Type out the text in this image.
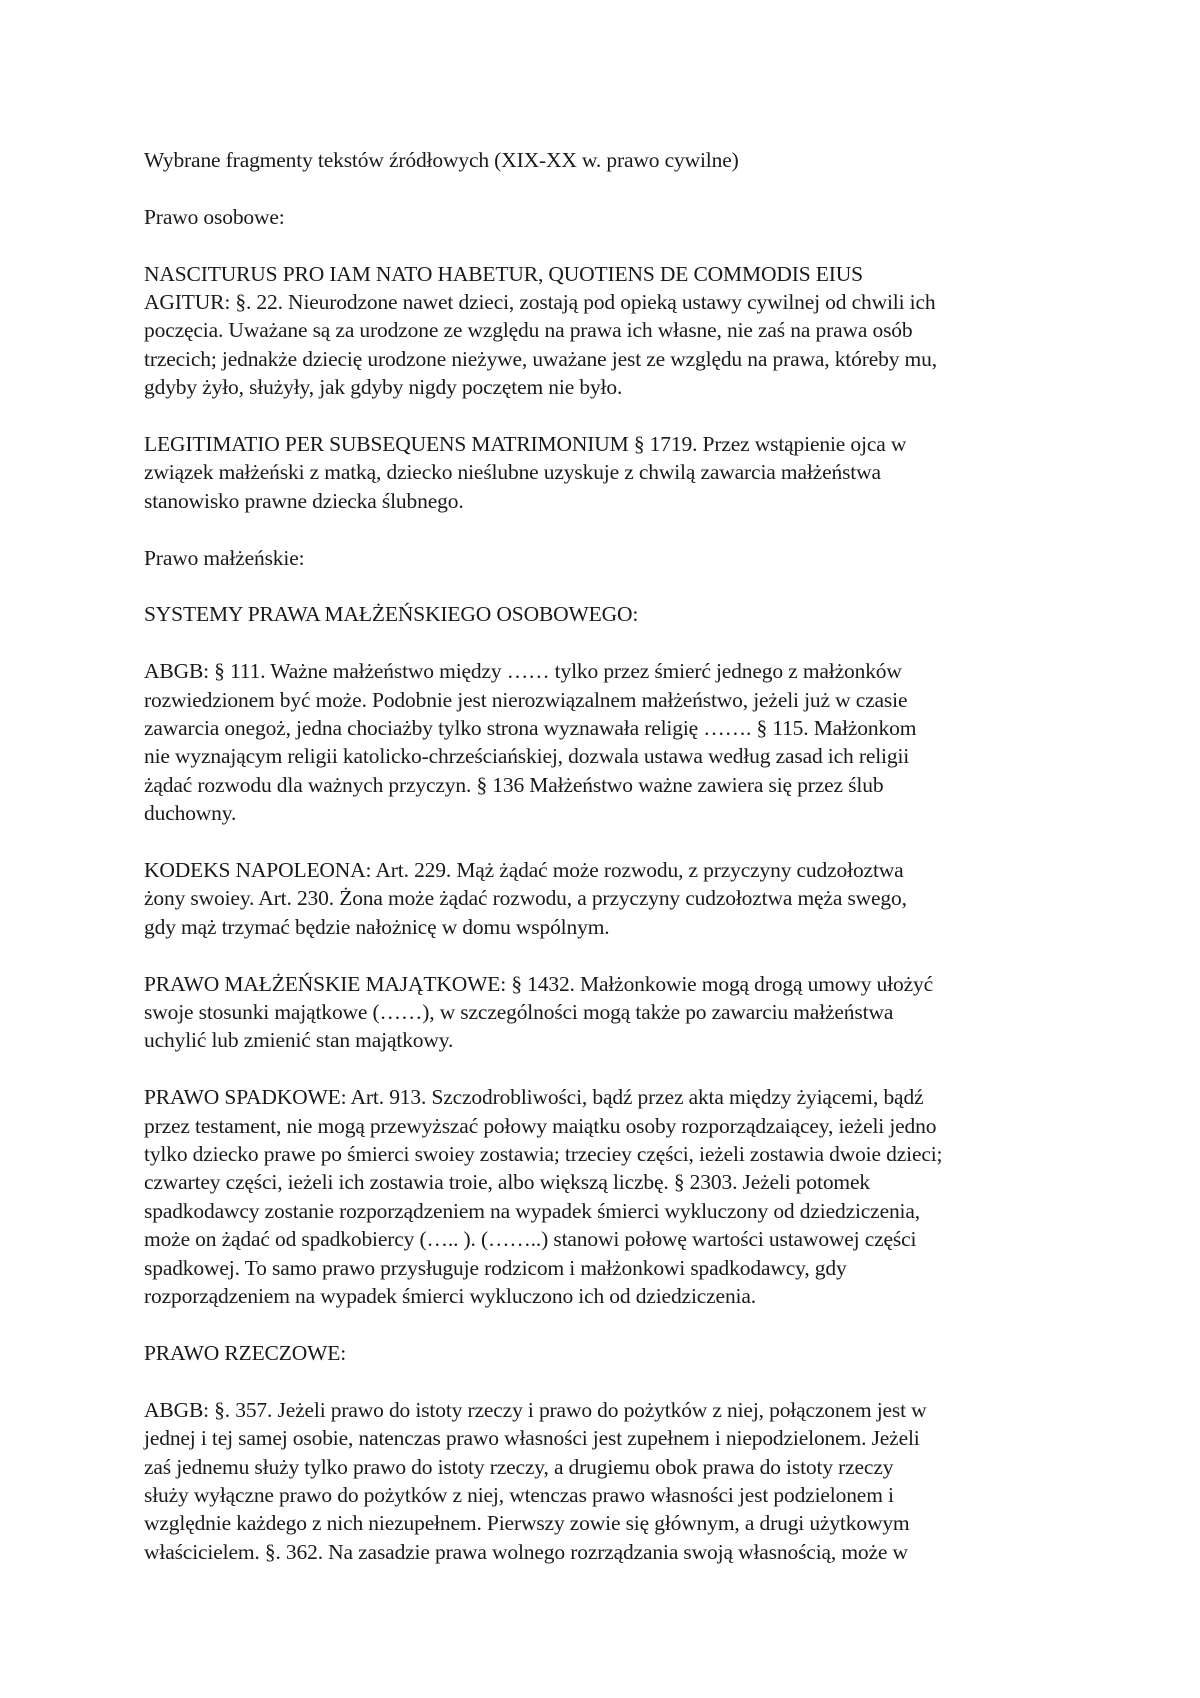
Wybrane fragmenty tekstów źródłowych (XIX-XX w. prawo cywilne)

Prawo osobowe:

NASCITURUS PRO IAM NATO HABETUR, QUOTIENS DE COMMODIS EIUS
AGITUR: §. 22. Nieurodzone nawet dzieci, zostają pod opieką ustawy cywilnej od chwili ich
poczęcia. Uważane są za urodzone ze względu na prawa ich własne, nie zaś na prawa osób
trzecich; jednakże dziecię urodzone nieżywe, uważane jest ze względu na prawa, któreby mu,
gdyby żyło, służyły, jak gdyby nigdy poczętem nie było.

LEGITIMATIO PER SUBSEQUENS MATRIMONIUM § 1719. Przez wstąpienie ojca w
związek małżeński z matką, dziecko nieślubne uzyskuje z chwilą zawarcia małżeństwa
stanowisko prawne dziecka ślubnego.

Prawo małżeńskie:

SYSTEMY PRAWA MAŁŻEŃSKIEGO OSOBOWEGO:

ABGB: § 111. Ważne małżeństwo między …… tylko przez śmierć jednego z małżonków
rozwiedzionem być może. Podobnie jest nierozwiązalnem małżeństwo, jeżeli już w czasie
zawarcia onegoż, jedna chociażby tylko strona wyznawała religię ……. § 115. Małżonkom
nie wyznającym religii katolicko-chrześciańskiej, dozwala ustawa według zasad ich religii
żądać rozwodu dla ważnych przyczyn. § 136 Małżeństwo ważne zawiera się przez ślub
duchowny.

KODEKS NAPOLEONA: Art. 229. Mąż żądać może rozwodu, z przyczyny cudzołoztwa
żony swoiey. Art. 230. Żona może żądać rozwodu, a przyczyny cudzołoztwa męża swego,
gdy mąż trzymać będzie nałożnicę w domu wspólnym.

PRAWO MAŁŻEŃSKIE MAJĄTKOWE: § 1432. Małżonkowie mogą drogą umowy ułożyć
swoje stosunki majątkowe (……), w szczególności mogą także po zawarciu małżeństwa
uchylić lub zmienić stan majątkowy.

PRAWO SPADKOWE: Art. 913. Szczodrobliwości, bądź przez akta między żyiącemi, bądź
przez testament, nie mogą przewyższać połowy maiątku osoby rozporządzaiącey, ieżeli jedno
tylko dziecko prawe po śmierci swoiey zostawia; trzeciey części, ieżeli zostawia dwoie dzieci;
czwartey części, ieżeli ich zostawia troie, albo większą liczbę. § 2303. Jeżeli potomek
spadkodawcy zostanie rozporządzeniem na wypadek śmierci wykluczony od dziedziczenia,
może on żądać od spadkobiercy (….. ). (……..) stanowi połowę wartości ustawowej części
spadkowej. To samo prawo przysługuje rodzicom i małżonkowi spadkodawcy, gdy
rozporządzeniem na wypadek śmierci wykluczono ich od dziedziczenia.

PRAWO RZECZOWE:

ABGB: §. 357. Jeżeli prawo do istoty rzeczy i prawo do pożytków z niej, połączonem jest w
jednej i tej samej osobie, natenczas prawo własności jest zupełnem i niepodzielonem. Jeżeli
zaś jednemu służy tylko prawo do istoty rzeczy, a drugiemu obok prawa do istoty rzeczy
służy wyłączne prawo do pożytków z niej, wtenczas prawo własności jest podzielonem i
względnie każdego z nich niezupełnem. Pierwszy zowie się głównym, a drugi użytkowym
właścicielem. §. 362. Na zasadzie prawa wolnego rozrządzania swoją własnością, może w
